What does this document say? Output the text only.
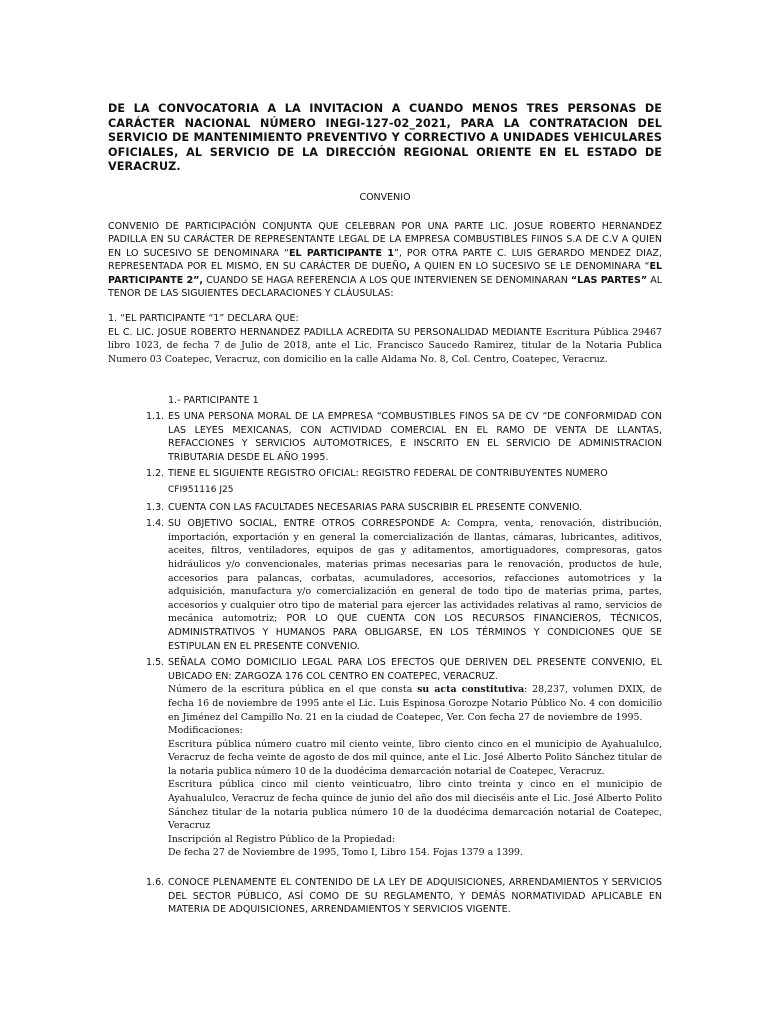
DE LA CONVOCATORIA A LA INVITACION A CUANDO MENOS TRES PERSONAS DE CARÁCTER NACIONAL NÚMERO INEGI-127-02_2021, PARA LA CONTRATACION DEL SERVICIO DE MANTENIMIENTO PREVENTIVO Y CORRECTIVO A UNIDADES VEHICULARES OFICIALES, AL SERVICIO DE LA DIRECCIÓN REGIONAL ORIENTE EN EL ESTADO DE VERACRUZ.

CONVENIO

CONVENIO DE PARTICIPACIÓN CONJUNTA QUE CELEBRAN POR UNA PARTE LIC. JOSUE ROBERTO HERNANDEZ PADILLA EN SU CARÁCTER DE REPRESENTANTE LEGAL DE LA EMPRESA COMBUSTIBLES FIINOS S.A DE C.V A QUIEN EN LO SUCESIVO SE DENOMINARA “EL PARTICIPANTE 1”, POR OTRA PARTE C. LUIS GERARDO MENDEZ DIAZ, REPRESENTADA POR EL MISMO, EN SU CARÁCTER DE DUEÑO, A QUIEN EN LO SUCESIVO SE LE DENOMINARA “EL PARTICIPANTE 2”, CUANDO SE HAGA REFERENCIA A LOS QUE INTERVIENEN SE DENOMINARAN “LAS PARTES” AL TENOR DE LAS SIGUIENTES DECLARACIONES Y CLÁUSULAS:

1. “EL PARTICIPANTE “1” DECLARA QUE:

EL C. LIC. JOSUE ROBERTO HERNANDEZ PADILLA ACREDITA SU PERSONALIDAD MEDIANTE Escritura Pública 29467 libro 1023, de fecha 7 de Julio de 2018, ante el Lic. Francisco Saucedo Ramirez, titular de la Notaria Publica Numero 03 Coatepec, Veracruz, con domicilio en la calle Aldama No. 8, Col. Centro, Coatepec, Veracruz.

1.- PARTICIPANTE 1
1.1. ES UNA PERSONA MORAL DE LA EMPRESA “COMBUSTIBLES FINOS SA DE CV “DE CONFORMIDAD CON LAS LEYES MEXICANAS, CON ACTIVIDAD COMERCIAL EN EL RAMO DE VENTA DE LLANTAS, REFACCIONES Y SERVICIOS AUTOMOTRICES, E INSCRITO EN EL SERVICIO DE ADMINISTRACION TRIBUTARIA DESDE EL AÑO 1995.
1.2. TIENE EL SIGUIENTE REGISTRO OFICIAL: REGISTRO FEDERAL DE CONTRIBUYENTES NUMERO
CFI951116 J25
1.3. CUENTA CON LAS FACULTADES NECESARIAS PARA SUSCRIBIR EL PRESENTE CONVENIO.
1.4. SU OBJETIVO SOCIAL, ENTRE OTROS CORRESPONDE A: Compra, venta, renovación, distribución, importación, exportación y en general la comercialización de llantas, cámaras, lubricantes, aditivos, aceites, filtros, ventiladores, equipos de gas y aditamentos, amortiguadores, compresoras, gatos hidráulicos y/o convencionales, materias primas necesarias para le renovación, productos de hule, accesorios para palancas, corbatas, acumuladores, accesorios, refacciones automotrices y la adquisición, manufactura y/o comercialización en general de todo tipo de materias prima, partes, accesorios y cualquier otro tipo de material para ejercer las actividades relativas al ramo, servicios de mecánica automotriz; POR LO QUE CUENTA CON LOS RECURSOS FINANCIEROS, TÉCNICOS, ADMINISTRATIVOS Y HUMANOS PARA OBLIGARSE, EN LOS TÉRMINOS Y CONDICIONES QUE SE ESTIPULAN EN EL PRESENTE CONVENIO.
1.5. SEÑALA COMO DOMICILIO LEGAL PARA LOS EFECTOS QUE DERIVEN DEL PRESENTE CONVENIO, EL UBICADO EN: ZARGOZA 176 COL CENTRO EN COATEPEC, VERACRUZ.
Número de la escritura pública en el que consta su acta constitutiva: 28,237, volumen DXIX, de fecha 16 de noviembre de 1995 ante el Lic. Luis Espinosa Gorozpe Notario Público No. 4 con domicilio en Jiménez del Campillo No. 21 en la ciudad de Coatepec, Ver. Con fecha 27 de noviembre de 1995.
Modificaciones:
Escritura pública número cuatro mil ciento veinte, libro ciento cinco en el municipio de Ayahualulco, Veracruz de fecha veinte de agosto de dos mil quince, ante el Lic. José Alberto Polito Sánchez titular de la notaria publica número 10 de la duodécima demarcación notarial de Coatepec, Veracruz.
Escritura pública cinco mil ciento veinticuatro, libro cinto treinta y cinco en el municipio de Ayahualulco, Veracruz de fecha quince de junio del año dos mil dieciséis ante el Lic. José Alberto Polito Sánchez titular de la notaria publica número 10 de la duodécima demarcación notarial de Coatepec, Veracruz
Inscripción al Registro Público de la Propiedad:
De fecha 27 de Noviembre de 1995, Tomo I, Libro 154. Fojas 1379 a 1399.
1.6. CONOCE PLENAMENTE EL CONTENIDO DE LA LEY DE ADQUISICIONES, ARRENDAMIENTOS Y SERVICIOS DEL SECTOR PÚBLICO, ASÍ COMO DE SU REGLAMENTO, Y DEMÁS NORMATIVIDAD APLICABLE EN MATERIA DE ADQUISICIONES, ARRENDAMIENTOS Y SERVICIOS VIGENTE.
